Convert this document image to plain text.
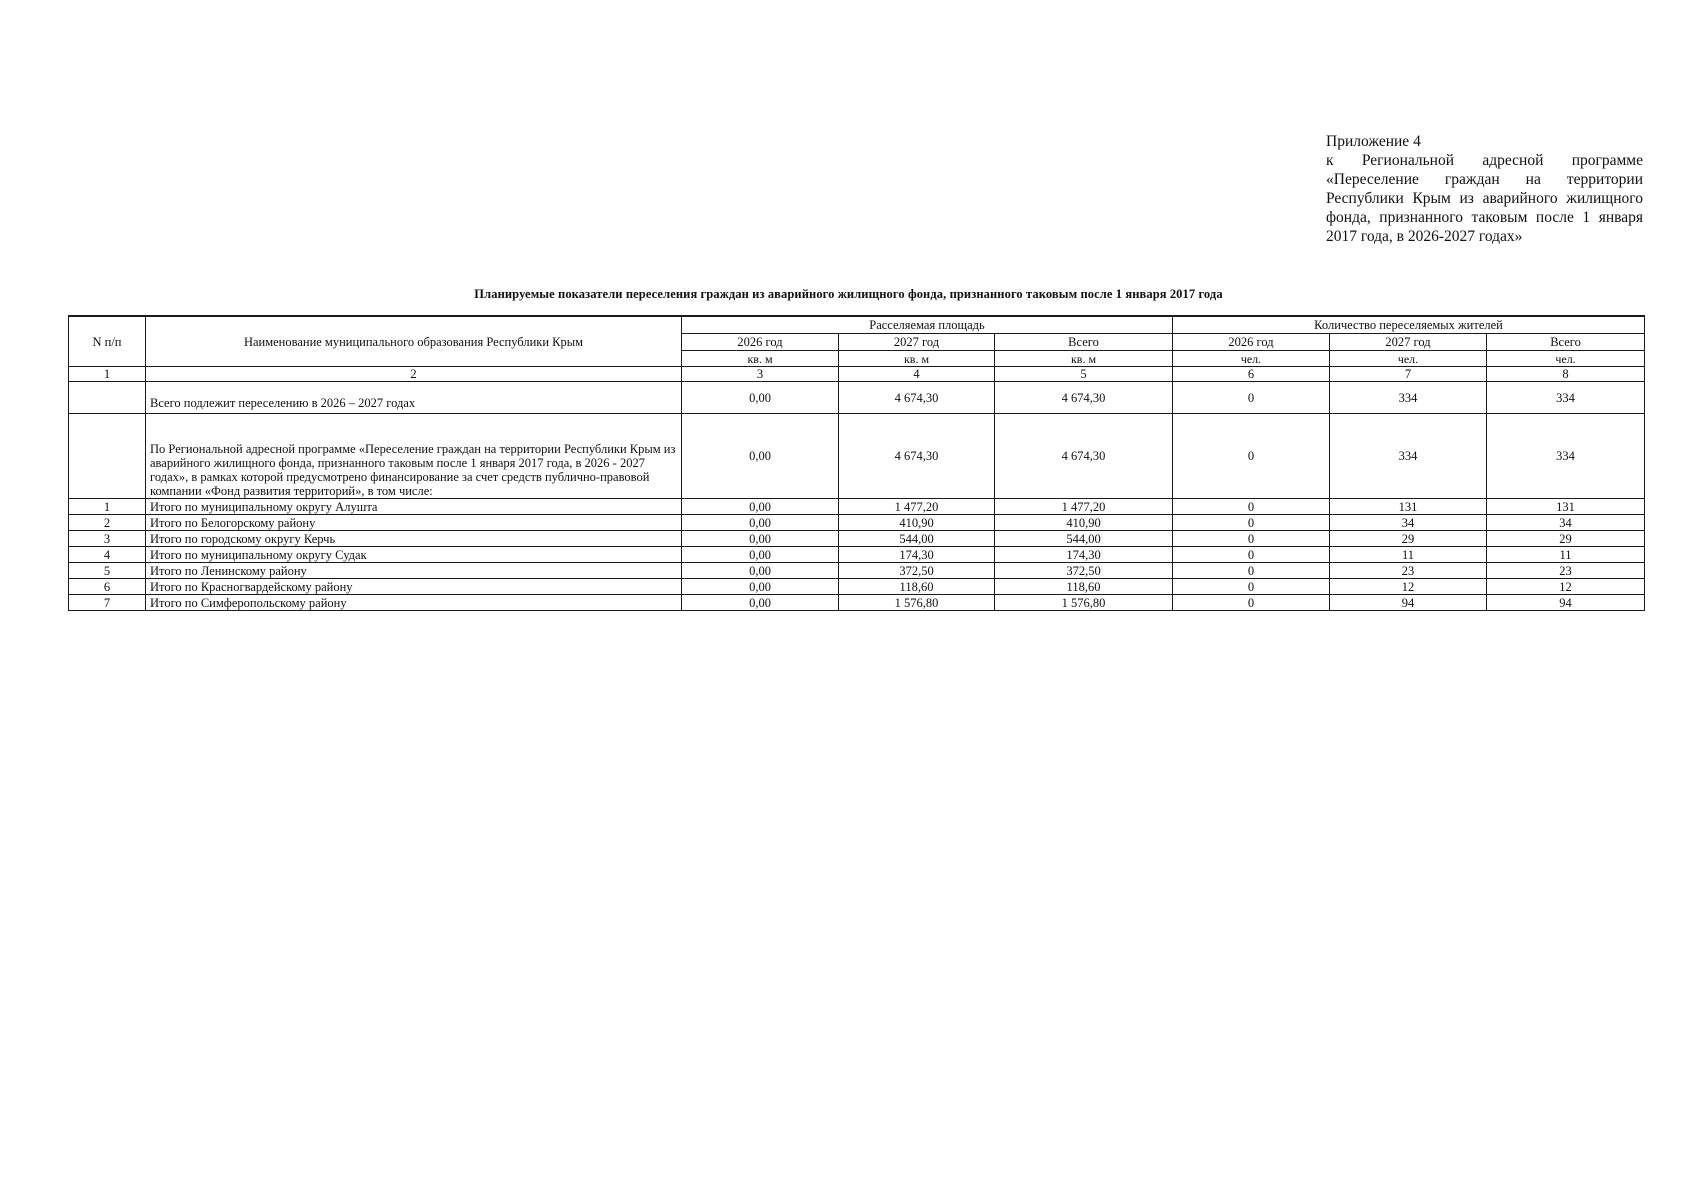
Приложение 4
к Региональной адресной программе «Переселение граждан на территории Республики Крым из аварийного жилищного фонда, признанного таковым после 1 января 2017 года, в 2026-2027 годах»
Планируемые показатели переселения граждан из аварийного жилищного фонда, признанного таковым после 1 января 2017 года
N п/п	Наименование муниципального образования Республики Крым	Расселяемая площадь			Количество переселяемых жителей		
		2026 год	2027 год	Всего	2026 год	2027 год	Всего
		кв. м	кв. м	кв. м	чел.	чел.	чел.
1	2	3	4	5	6	7	8
	Всего подлежит переселению в 2026 – 2027 годах	0,00	4 674,30	4 674,30	0	334	334
	По Региональной адресной программе «Переселение граждан на территории Республики Крым из аварийного жилищного фонда, признанного таковым после 1 января 2017 года, в 2026 - 2027 годах», в рамках которой предусмотрено финансирование за счет средств публично-правовой компании «Фонд развития территорий», в том числе:	0,00	4 674,30	4 674,30	0	334	334
1	Итого по муниципальному округу Алушта	0,00	1 477,20	1 477,20	0	131	131
2	Итого по Белогорскому району	0,00	410,90	410,90	0	34	34
3	Итого по городскому округу Керчь	0,00	544,00	544,00	0	29	29
4	Итого по муниципальному округу Судак	0,00	174,30	174,30	0	11	11
5	Итого по Ленинскому району	0,00	372,50	372,50	0	23	23
6	Итого по Красногвардейскому району	0,00	118,60	118,60	0	12	12
7	Итого по Симферопольскому району	0,00	1 576,80	1 576,80	0	94	94
